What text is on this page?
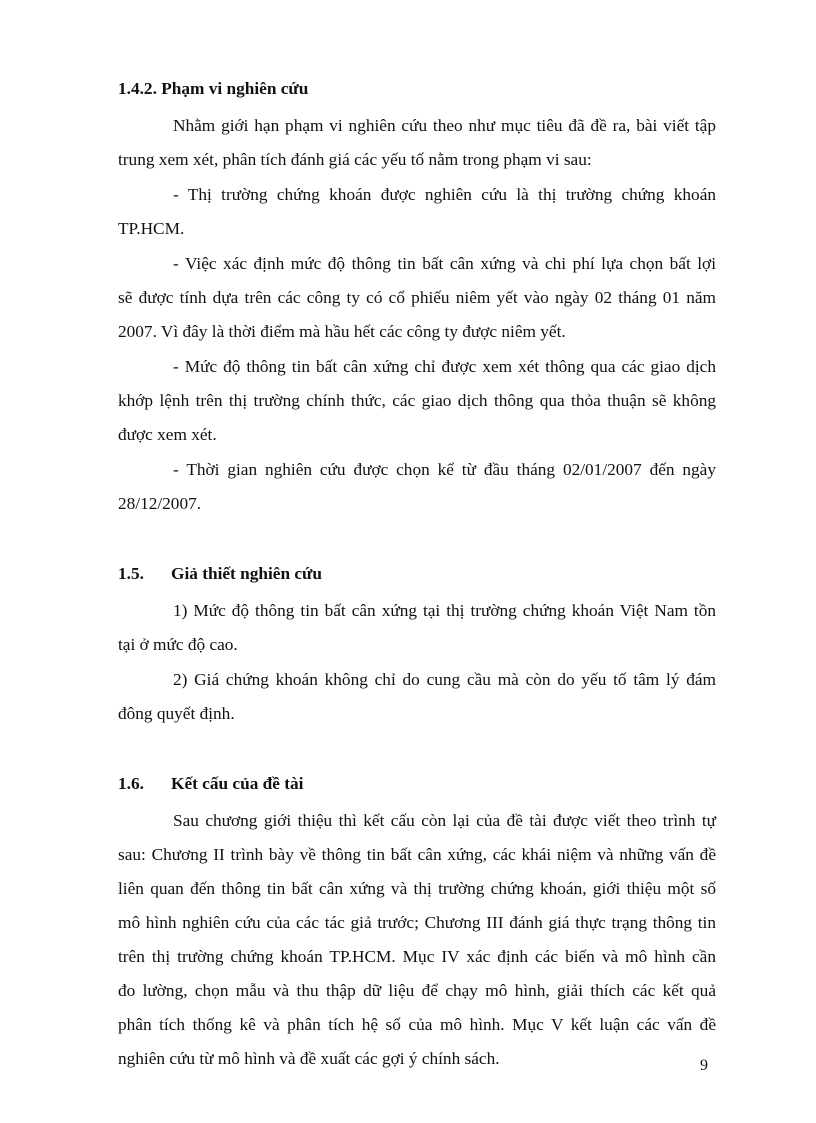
1.4.2. Phạm vi nghiên cứu
Nhằm giới hạn phạm vi nghiên cứu theo như mục tiêu đã đề ra, bài viết tập
trung xem xét, phân tích đánh giá các yếu tố nằm trong phạm vi sau:
- Thị trường chứng khoán được nghiên cứu là thị trường chứng khoán
TP.HCM.
- Việc xác định mức độ thông tin bất cân xứng và chi phí lựa chọn bất lợi
sẽ được tính dựa trên các công ty có cổ phiếu niêm yết vào ngày 02 tháng 01 năm
2007. Vì đây là thời điểm mà hầu hết các công ty được niêm yết.
- Mức độ thông tin bất cân xứng chỉ được xem xét thông qua các giao dịch
khớp lệnh trên thị trường chính thức, các giao dịch thông qua thỏa thuận sẽ không
được xem xét.
- Thời gian nghiên cứu được chọn kể từ đầu tháng 02/01/2007 đến ngày
28/12/2007.
1.5. Giả thiết nghiên cứu
1) Mức độ thông tin bất cân xứng tại thị trường chứng khoán Việt Nam tồn
tại ở mức độ cao.
2) Giá chứng khoán không chỉ do cung cầu mà còn do yếu tố tâm lý đám
đông quyết định.
1.6. Kết cấu của đề tài
Sau chương giới thiệu thì kết cấu còn lại của đề tài được viết theo trình tự
sau: Chương II trình bày về thông tin bất cân xứng, các khái niệm và những vấn đề
liên quan đến thông tin bất cân xứng và thị trường chứng khoán, giới thiệu một số
mô hình nghiên cứu của các tác giả trước; Chương III đánh giá thực trạng thông tin
trên thị trường chứng khoán TP.HCM. Mục IV xác định các biến và mô hình cần
đo lường, chọn mẫu và thu thập dữ liệu để chạy mô hình, giải thích các kết quả
phân tích thống kê và phân tích hệ số của mô hình. Mục V kết luận các vấn đề
nghiên cứu từ mô hình và đề xuất các gợi ý chính sách.	9
